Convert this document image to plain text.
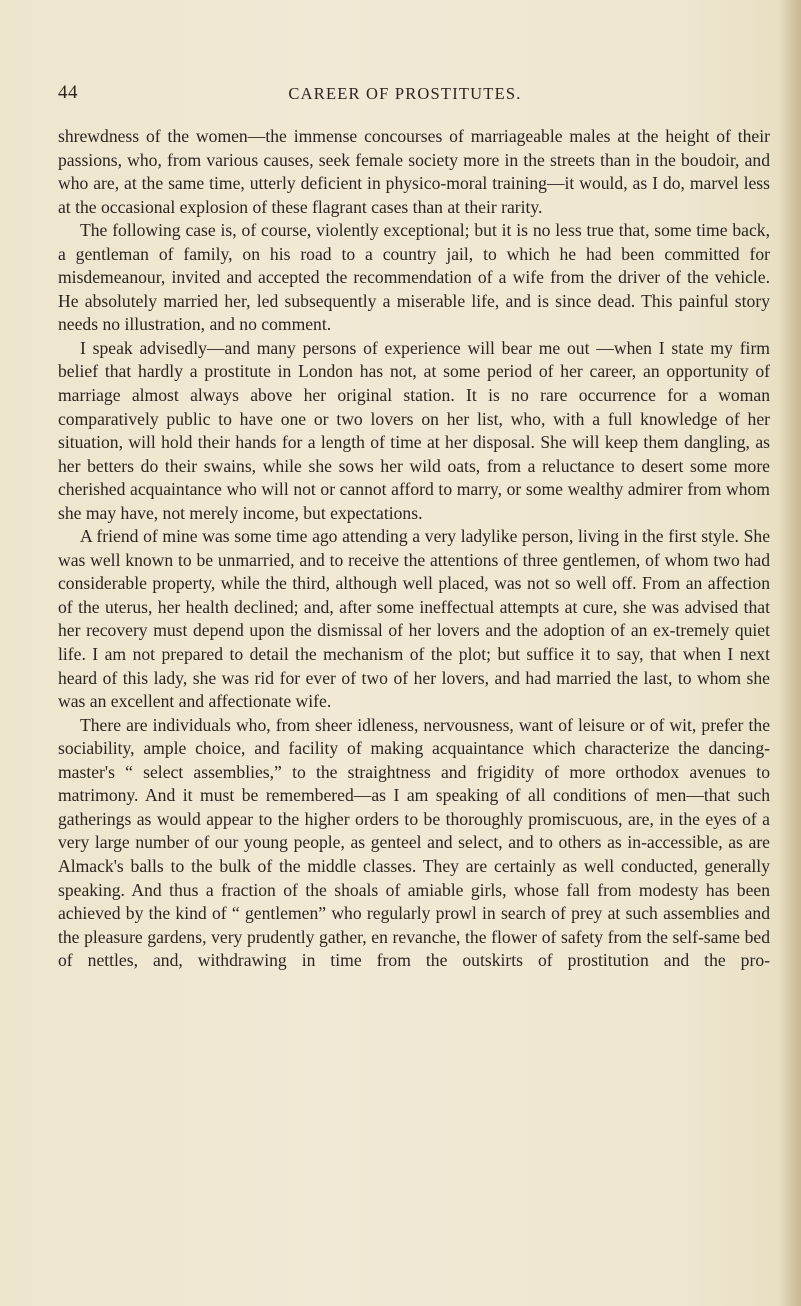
44	CAREER OF PROSTITUTES.

shrewdness of the women—the immense concourses of marriageable males at the height of their passions, who, from various causes, seek female society more in the streets than in the boudoir, and who are, at the same time, utterly deficient in physico-moral training—it would, as I do, marvel less at the occasional explosion of these flagrant cases than at their rarity.

The following case is, of course, violently exceptional; but it is no less true that, some time back, a gentleman of family, on his road to a country jail, to which he had been committed for misdemeanour, invited and accepted the recommendation of a wife from the driver of the vehicle. He absolutely married her, led subsequently a miserable life, and is since dead. This painful story needs no illustration, and no comment.

I speak advisedly—and many persons of experience will bear me out —when I state my firm belief that hardly a prostitute in London has not, at some period of her career, an opportunity of marriage almost always above her original station. It is no rare occurrence for a woman comparatively public to have one or two lovers on her list, who, with a full knowledge of her situation, will hold their hands for a length of time at her disposal. She will keep them dangling, as her betters do their swains, while she sows her wild oats, from a reluctance to desert some more cherished acquaintance who will not or cannot afford to marry, or some wealthy admirer from whom she may have, not merely income, but expectations.

A friend of mine was some time ago attending a very ladylike person, living in the first style. She was well known to be unmarried, and to receive the attentions of three gentlemen, of whom two had considerable property, while the third, although well placed, was not so well off. From an affection of the uterus, her health declined; and, after some ineffectual attempts at cure, she was advised that her recovery must depend upon the dismissal of her lovers and the adoption of an ex-tremely quiet life. I am not prepared to detail the mechanism of the plot; but suffice it to say, that when I next heard of this lady, she was rid for ever of two of her lovers, and had married the last, to whom she was an excellent and affectionate wife.

There are individuals who, from sheer idleness, nervousness, want of leisure or of wit, prefer the sociability, ample choice, and facility of making acquaintance which characterize the dancing-master's “ select assemblies,” to the straightness and frigidity of more orthodox avenues to matrimony. And it must be remembered—as I am speaking of all conditions of men—that such gatherings as would appear to the higher orders to be thoroughly promiscuous, are, in the eyes of a very large number of our young people, as genteel and select, and to others as in-accessible, as are Almack's balls to the bulk of the middle classes. They are certainly as well conducted, generally speaking. And thus a fraction of the shoals of amiable girls, whose fall from modesty has been achieved by the kind of “ gentlemen” who regularly prowl in search of prey at such assemblies and the pleasure gardens, very prudently gather, en revanche, the flower of safety from the self-same bed of nettles, and, withdrawing in time from the outskirts of prostitution and the pro-
